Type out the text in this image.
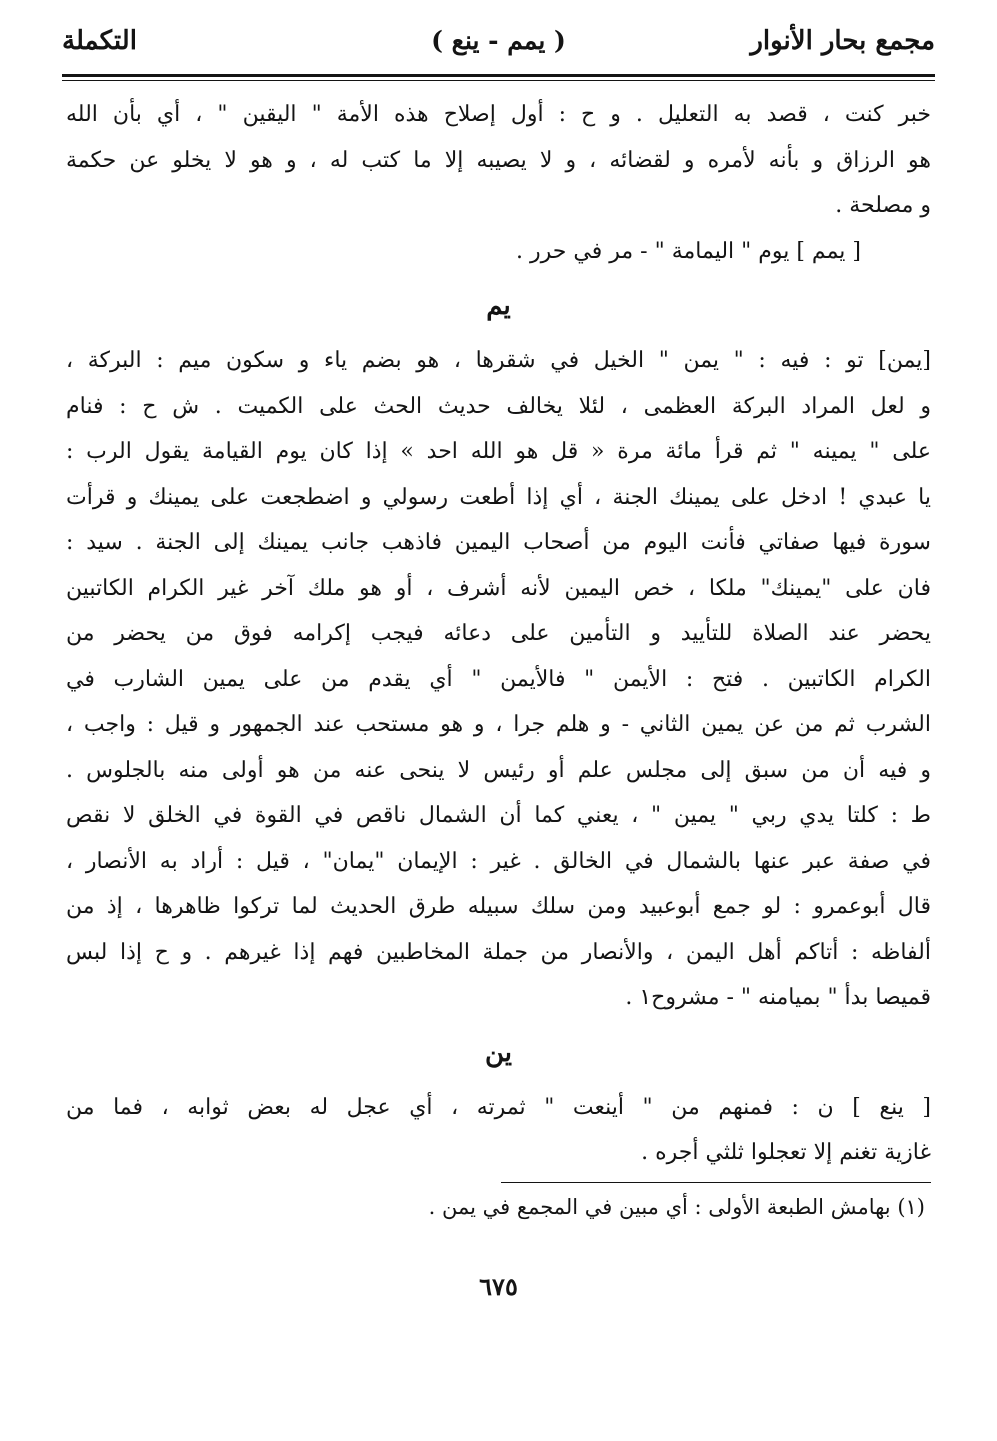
مجمع بحار الأنوار
( يمم - ينع )
التكملة
خبر كنت ، قصد به التعليل . و ح : أول إصلاح هذه الأمة " اليقين " ، أي بأن الله
هو الرزاق و بأنه لأمره و لقضائه ، و لا يصيبه إلا ما كتب له ، و هو لا يخلو عن حكمة
و مصلحة .
[ يمم ] يوم " اليمامة " - مر في حرر .
يم
[يمن] تو : فيه : " يمن " الخيل في شقرها ، هو بضم ياء و سكون ميم : البركة ،
و لعل المراد البركة العظمى ، لئلا يخالف حديث الحث على الكميت . ش ح : فنام
على " يمينه " ثم قرأ مائة مرة « قل هو الله احد » إذا كان يوم القيامة يقول الرب :
يا عبدي ! ادخل على يمينك الجنة ، أي إذا أطعت رسولي و اضطجعت على يمينك و قرأت
سورة فيها صفاتي فأنت اليوم من أصحاب اليمين فاذهب جانب يمينك إلى الجنة . سيد :
فان على "يمينك" ملكا ، خص اليمين لأنه أشرف ، أو هو ملك آخر غير الكرام الكاتبين
يحضر عند الصلاة للتأييد و التأمين على دعائه فيجب إكرامه فوق من يحضر من
الكرام الكاتبين . فتح : الأيمن " فالأيمن " أي يقدم من على يمين الشارب في
الشرب ثم من عن يمين الثاني - و هلم جرا ، و هو مستحب عند الجمهور و قيل : واجب ،
و فيه أن من سبق إلى مجلس علم أو رئيس لا ينحى عنه من هو أولى منه بالجلوس .
ط : كلتا يدي ربي " يمين " ، يعني كما أن الشمال ناقص في القوة في الخلق لا نقص
في صفة عبر عنها بالشمال في الخالق . غير : الإيمان "يمان" ، قيل : أراد به الأنصار ،
قال أبوعمرو : لو جمع أبوعبيد ومن سلك سبيله طرق الحديث لما تركوا ظاهرها ، إذ من
ألفاظه : أتاكم أهل اليمن ، والأنصار من جملة المخاطبين فهم إذا غيرهم . و ح إذا لبس
قميصا بدأ " بميامنه " - مشروح١ .
ين
[ ينع ] ن : فمنهم من " أينعت " ثمرته ، أي عجل له بعض ثوابه ، فما من
غازية تغنم إلا تعجلوا ثلثي أجره .
(١) بهامش الطبعة الأولى : أي مبين في المجمع في يمن .
٦٧٥
